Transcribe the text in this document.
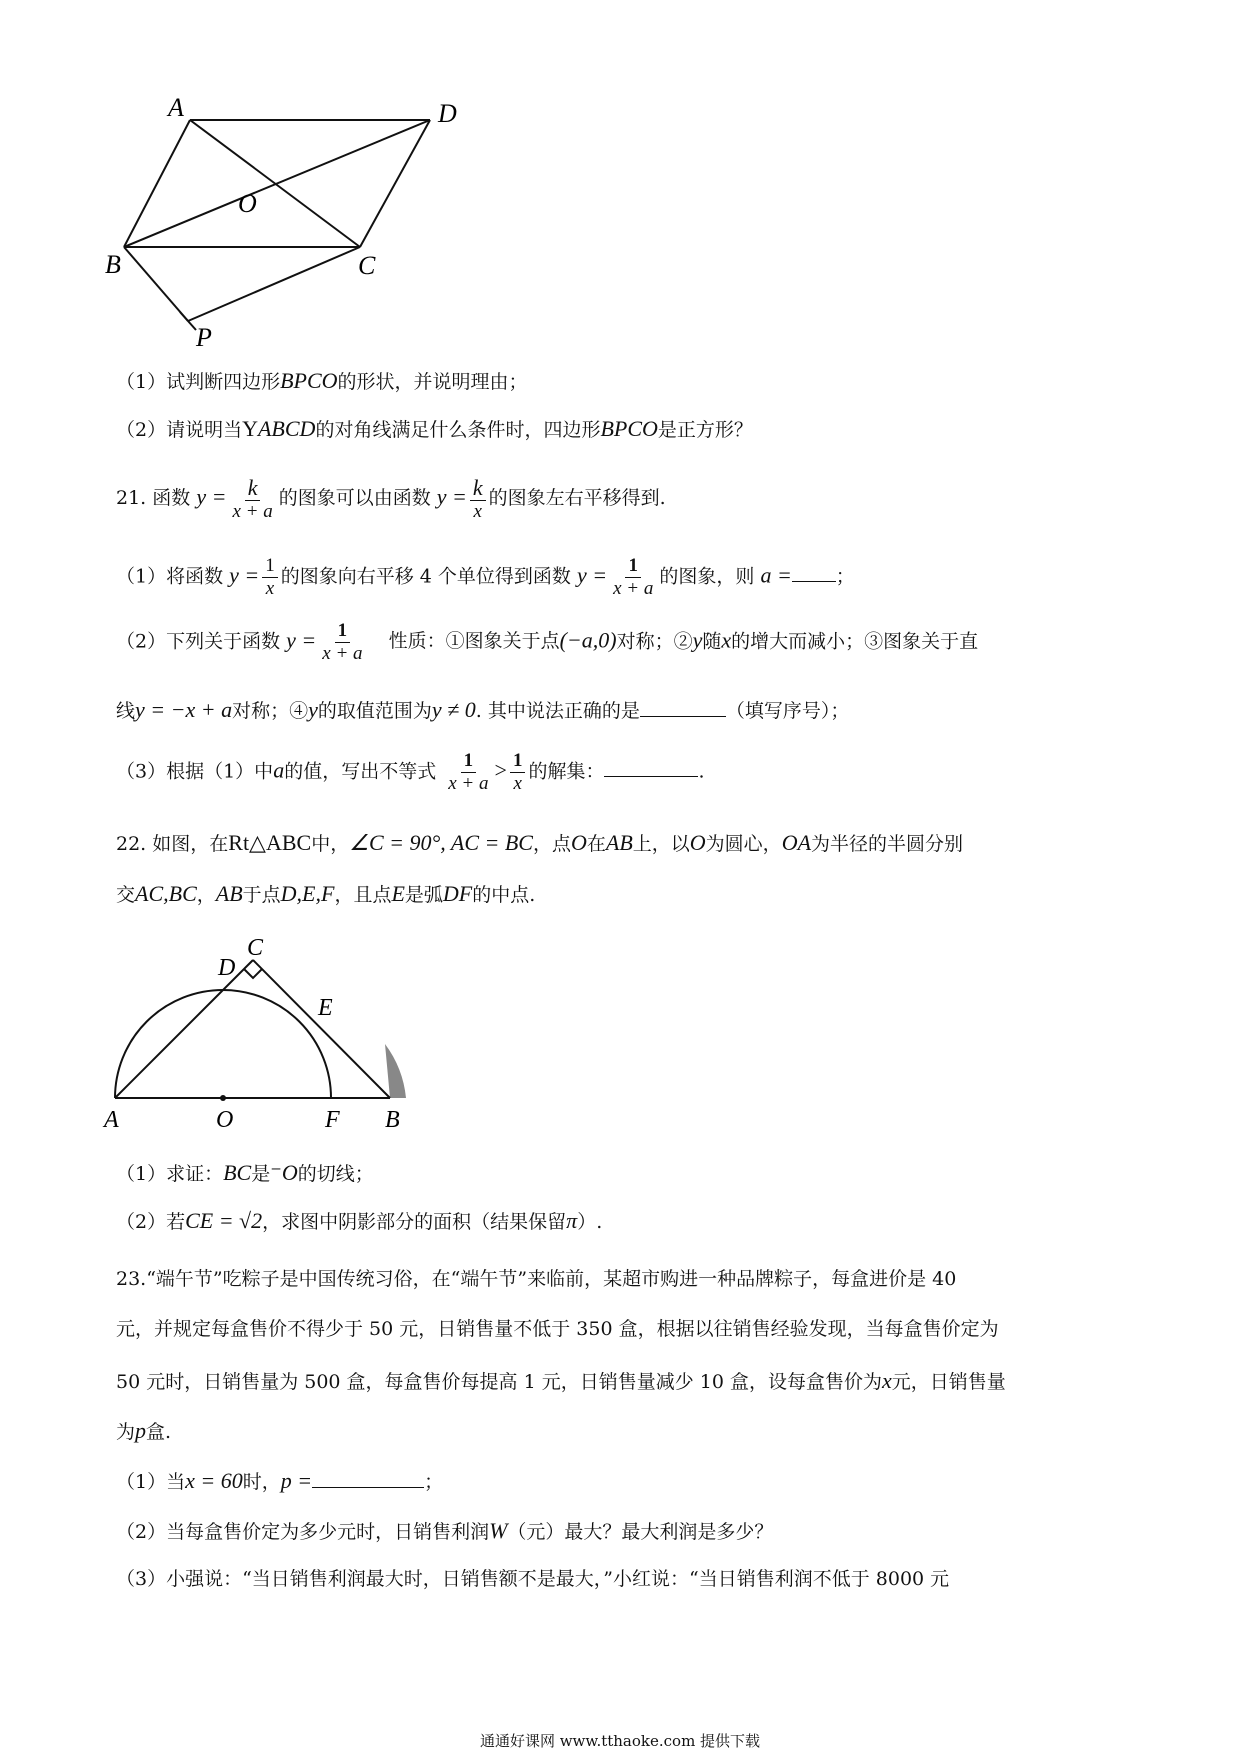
A	D
O
B	C
P
（1）试判断四边形BPCO的形状，并说明理由；
（2）请说明当YABCD的对角线满足什么条件时，四边形BPCO是正方形？
21. 函数 $y = \frac{k}{x + a}$ 的图象可以由函数 $y = \frac{k}{x}$ 的图象左右平移得到.
（1）将函数 $y = \frac{1}{x}$ 的图象向右平移 4 个单位得到函数 $y = \frac{1}{x + a}$ 的图象，则 a = ；
（2）下列关于函数 $y = \frac{1}{x + a}$ 性质：①图象关于点(−a,0)对称；②y随x的增大而减小；③图象关于直
线y = −x + a对称；④y的取值范围为y ≠ 0. 其中说法正确的是	（填写序号）；
（3）根据（1）中a的值，写出不等式 $\frac{1}{x + a} > \frac{1}{x}$ 的解集：	.
22. 如图，在Rt△ABC中，∠C = 90°, AC = BC，点O在AB上，以O为圆心，OA为半径的半圆分别
交AC,BC，AB于点D,E,F，且点E是弧DF的中点.
C
D
E
A	O	F B
（1）求证：BC是⁻O的切线；
（2）若CE = √2，求图中阴影部分的面积（结果保留π）.
23.“端午节”吃粽子是中国传统习俗，在“端午节”来临前，某超市购进一种品牌粽子，每盒进价是 40
元，并规定每盒售价不得少于 50 元，日销售量不低于 350 盒，根据以往销售经验发现，当每盒售价定为
50 元时，日销售量为 500 盒，每盒售价每提高 1 元，日销售量减少 10 盒，设每盒售价为x元，日销售量
为p盒.
（1）当x = 60时，p =	；
（2）当每盒售价定为多少元时，日销售利润W（元）最大？最大利润是多少？
（3）小强说：“当日销售利润最大时，日销售额不是最大，”小红说：“当日销售利润不低于 8000 元
通通好课网 www.tthaoke.com 提供下载
